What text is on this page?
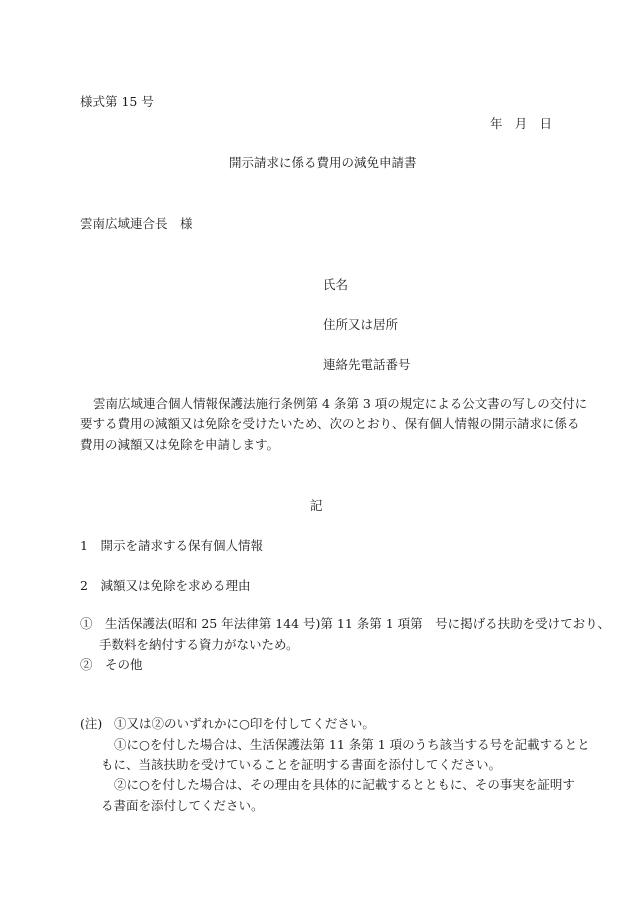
様式第 15 号
年 月 日
開示請求に係る費用の減免申請書
雲南広域連合長　様
氏名
住所又は居所
連絡先電話番号
雲南広域連合個人情報保護法施行条例第 4 条第 3 項の規定による公文書の写しの交付に
要する費用の減額又は免除を受けたいため、次のとおり、保有個人情報の開示請求に係る
費用の減額又は免除を申請します。
記
1　開示を請求する保有個人情報
2　減額又は免除を求める理由
①　生活保護法(昭和 25 年法律第 144 号)第 11 条第 1 項第　号に掲げる扶助を受けており、
手数料を納付する資力がないため。
②　その他
(注) ①又は②のいずれかに○印を付してください。
①に○を付した場合は、生活保護法第 11 条第 1 項のうち該当する号を記載するとと
もに、当該扶助を受けていることを証明する書面を添付してください。
②に○を付した場合は、その理由を具体的に記載するとともに、その事実を証明す
る書面を添付してください。
